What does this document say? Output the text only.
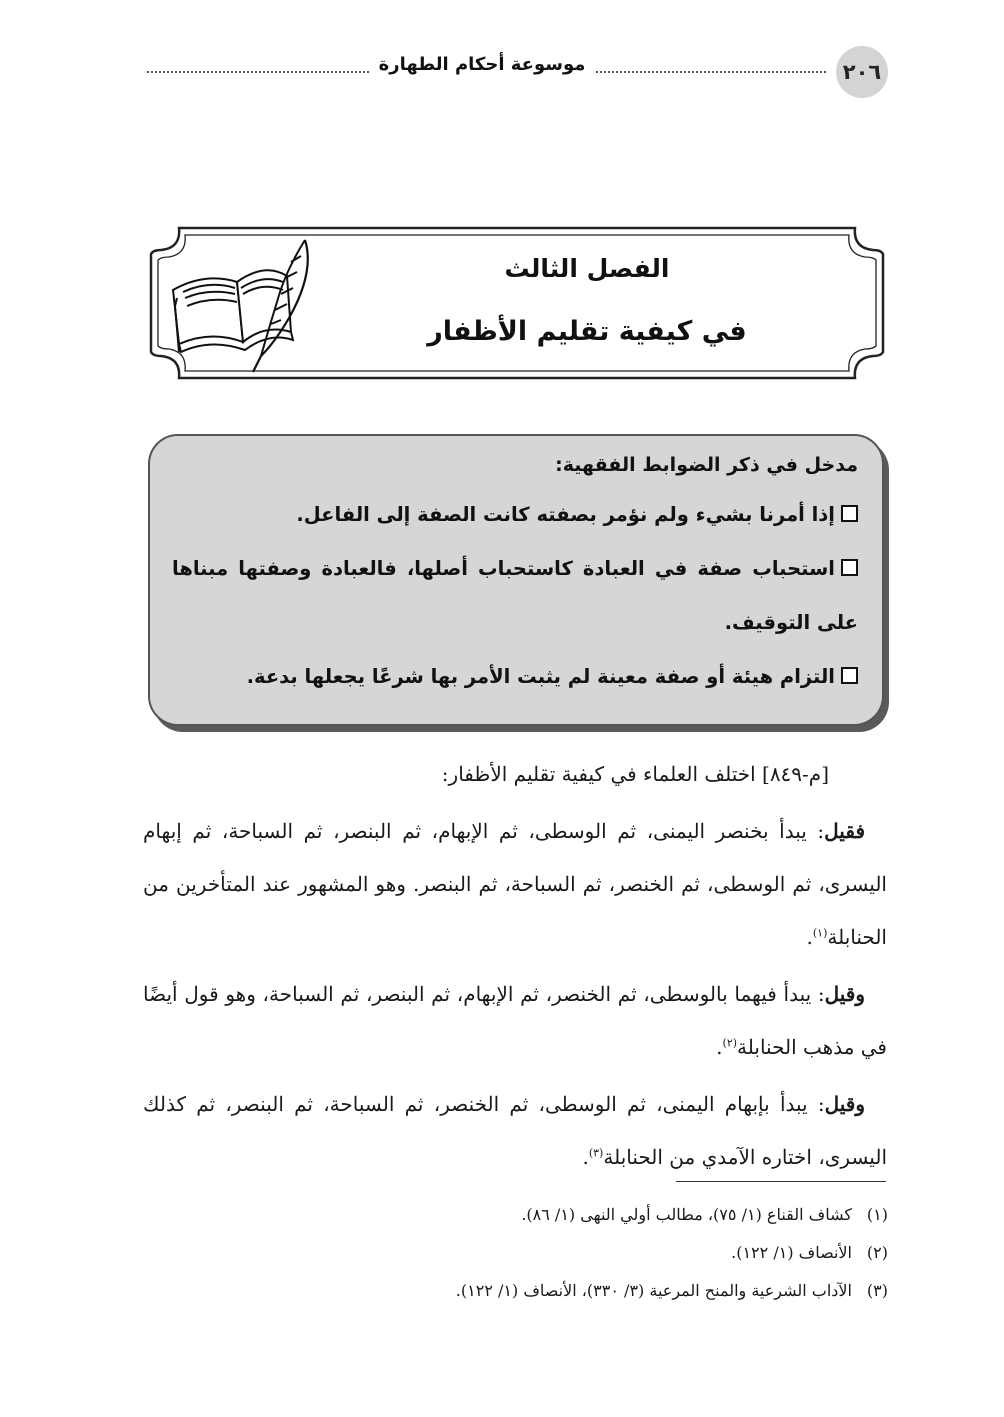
٢٠٦
موسوعة أحكام الطهارة
الفصل الثالث
في كيفية تقليم الأظفار
مدخل في ذكر الضوابط الفقهية:

إذا أمرنا بشيء ولم نؤمر بصفته كانت الصفة إلى الفاعل.

استحباب صفة في العبادة كاستحباب أصلها، فالعبادة وصفتها مبناها على التوقيف.

التزام هيئة أو صفة معينة لم يثبت الأمر بها شرعًا يجعلها بدعة.

[م-٨٤٩] اختلف العلماء في كيفية تقليم الأظفار:

فقيل: يبدأ بخنصر اليمنى، ثم الوسطى، ثم الإبهام، ثم البنصر، ثم السباحة، ثم إبهام اليسرى، ثم الوسطى، ثم الخنصر، ثم السباحة، ثم البنصر. وهو المشهور عند المتأخرين من الحنابلة$^{(١)}$.

وقيل: يبدأ فيهما بالوسطى، ثم الخنصر، ثم الإبهام، ثم البنصر، ثم السباحة، وهو قول أيضًا في مذهب الحنابلة$^{(٢)}$.

وقيل: يبدأ بإبهام اليمنى، ثم الوسطى، ثم الخنصر، ثم السباحة، ثم البنصر، ثم كذلك اليسرى، اختاره الآمدي من الحنابلة$^{(٣)}$.

(١)كشاف القناع (١/ ٧٥)، مطالب أولي النهى (١/ ٨٦).

(٢)الأنصاف (١/ ١٢٢).

(٣)الآداب الشرعية والمنح المرعية (٣/ ٣٣٠)، الأنصاف (١/ ١٢٢).
